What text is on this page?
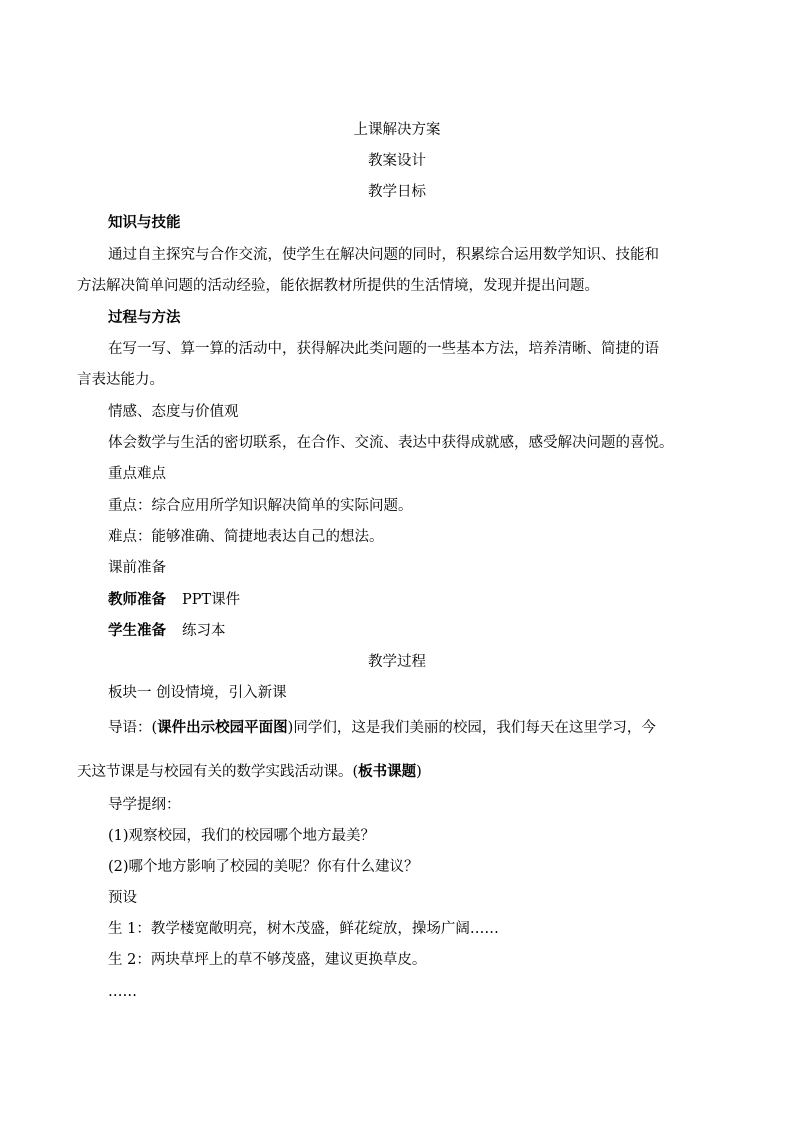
上课解决方案
教案设计
教学日标
知识与技能
通过自主探究与合作交流，使学生在解决问题的同时，积累综合运用数学知识、技能和
方法解决简单问题的活动经验，能依据教材所提供的生活情境，发现并提出问题。
过程与方法
在写一写、算一算的活动中，获得解决此类问题的一些基本方法，培养清晰、简捷的语
言表达能力。
情感、态度与价值观
体会数学与生活的密切联系，在合作、交流、表达中获得成就感，感受解决问题的喜悦。
重点难点
重点：综合应用所学知识解决简单的实际问题。
难点：能够准确、简捷地表达自己的想法。
课前准备
教师准备 PPT课件
学生准备 练习本
教学过程
板块一 创设情境，引入新课
导语：(课件出示校园平面图)同学们，这是我们美丽的校园，我们每天在这里学习，今
天这节课是与校园有关的数学实践活动课。(板书课题)
导学提纲：
(1)观察校园，我们的校园哪个地方最美？
(2)哪个地方影响了校园的美呢？你有什么建议？
预设
生 1：教学楼宽敞明亮，树木茂盛，鲜花绽放，操场广阔……
生 2：两块草坪上的草不够茂盛，建议更换草皮。
……
